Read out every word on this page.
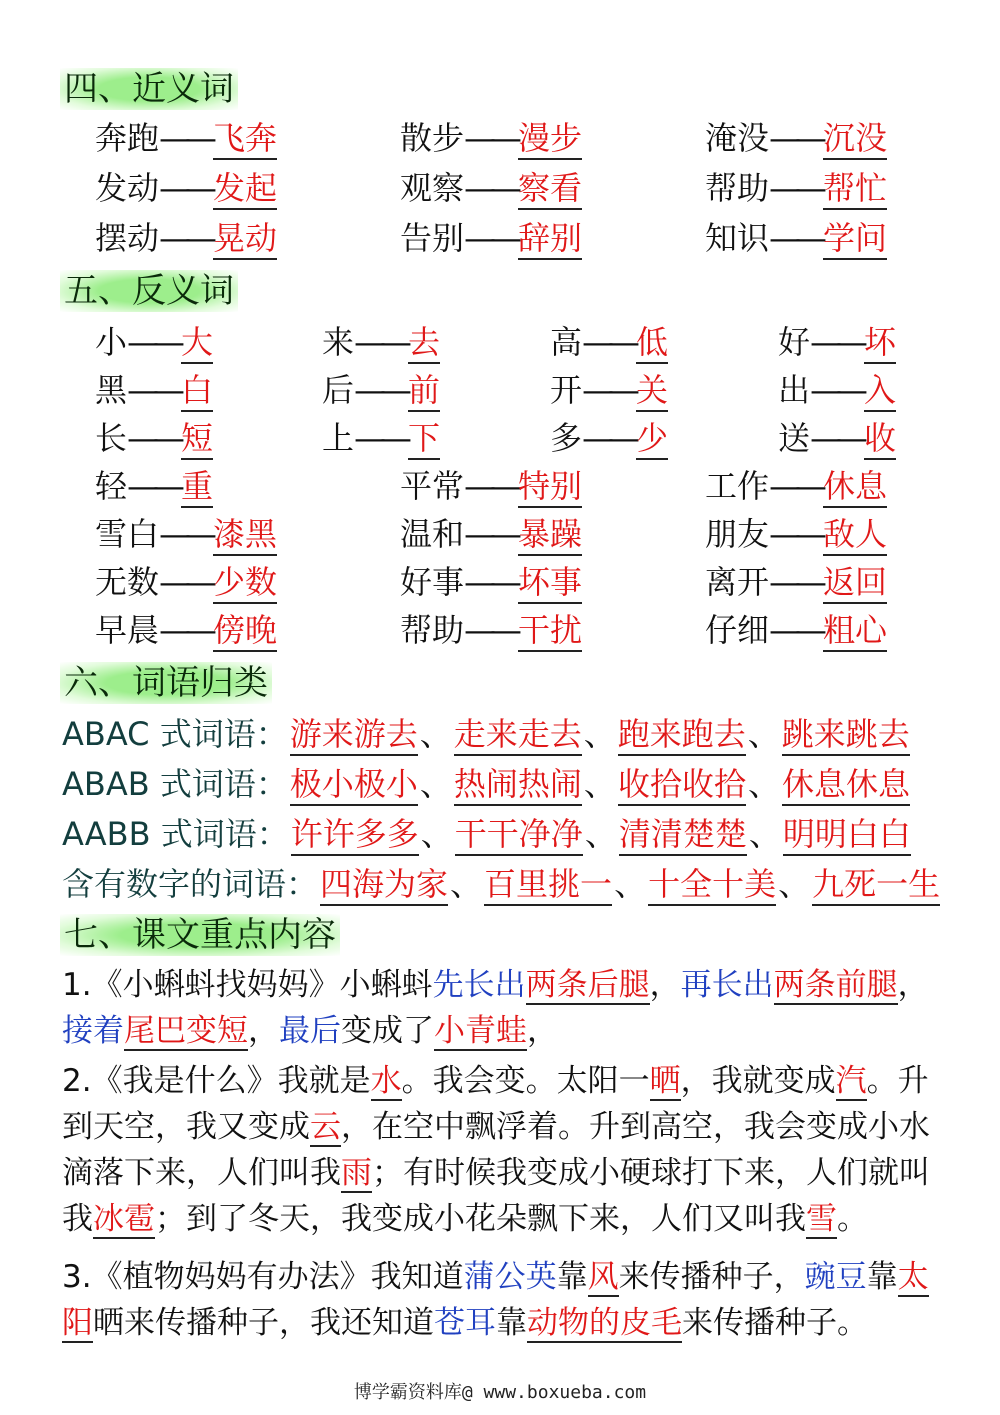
四、近义词
奔跑——飞奔	散步——漫步	淹没——沉没
发动——发起	观察——察看	帮助——帮忙
摆动——晃动	告别——辞别	知识——学问
五、反义词
小——大	来——去	高——低	好——坏
黑——白	后——前	开——关	出——入
长——短	上——下	多——少	送——收
轻——重	平常——特别	工作——休息
雪白——漆黑	温和——暴躁	朋友——敌人
无数——少数	好事——坏事	离开——返回
早晨——傍晚	帮助——干扰	仔细——粗心
六、词语归类
ABAC 式词语：游来游去、走来走去、跑来跑去、跳来跳去
ABAB 式词语：极小极小、热闹热闹、收拾收拾、休息休息
AABB 式词语：许许多多、干干净净、清清楚楚、明明白白
含有数字的词语：四海为家、百里挑一、十全十美、九死一生
七、课文重点内容
1.《小蝌蚪找妈妈》小蝌蚪先长出两条后腿，再长出两条前腿，接着尾巴变短，最后变成了小青蛙，
2.《我是什么》我就是水。我会变。太阳一晒，我就变成汽。升到天空，我又变成云，在空中飘浮着。升到高空，我会变成小水滴落下来，人们叫我雨；有时候我变成小硬球打下来，人们就叫我冰雹；到了冬天，我变成小花朵飘下来，人们又叫我雪。
3.《植物妈妈有办法》我知道蒲公英靠风来传播种子，豌豆靠太阳晒来传播种子，我还知道苍耳靠动物的皮毛来传播种子。
博学霸资料库@ www.boxueba.com
